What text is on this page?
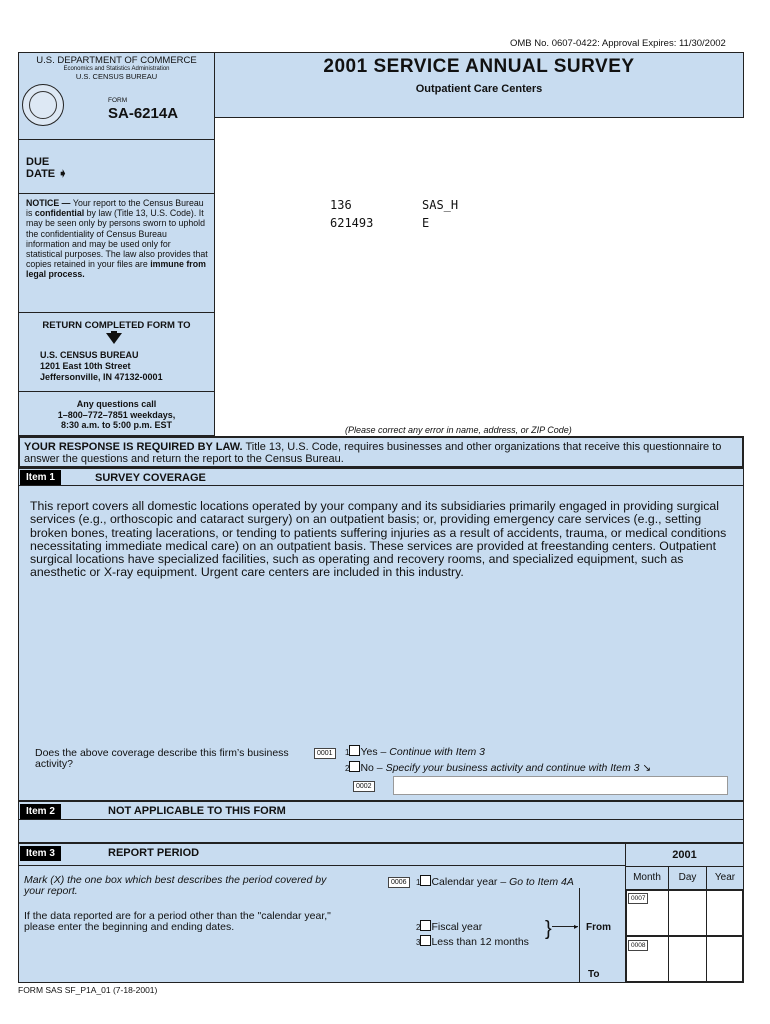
OMB No. 0607-0422: Approval Expires: 11/30/2002
U.S. DEPARTMENT OF COMMERCE
Economics and Statistics Administration
U.S. CENSUS BUREAU
FORM
SA-6214A
2001 SERVICE ANNUAL SURVEY
Outpatient Care Centers
DUE
DATE ➧
NOTICE — Your report to the Census Bureau is confidential by law (Title 13, U.S. Code). It may be seen only by persons sworn to uphold the confidentiality of Census Bureau information and may be used only for statistical purposes. The law also provides that copies retained in your files are immune from legal process.
RETURN COMPLETED FORM TO
U.S. CENSUS BUREAU
1201 East 10th Street
Jeffersonville, IN 47132-0001
Any questions call
1–800–772–7851 weekdays,
8:30 a.m. to 5:00 p.m. EST
136	SAS_H
621493	E
(Please correct any error in name, address, or ZIP Code)
YOUR RESPONSE IS REQUIRED BY LAW. Title 13, U.S. Code, requires businesses and other organizations that receive this questionnaire to answer the questions and return the report to the Census Bureau.
Item 1	SURVEY COVERAGE
This report covers all domestic locations operated by your company and its subsidiaries primarily engaged in providing surgical services (e.g., orthoscopic and cataract surgery) on an outpatient basis; or, providing emergency care services (e.g., setting broken bones, treating lacerations, or tending to patients suffering injuries as a result of accidents, trauma, or medical conditions necessitating immediate medical care) on an outpatient basis. These services are provided at freestanding centers. Outpatient surgical locations have specialized facilities, such as operating and recovery rooms, and specialized equipment, such as anesthetic or X-ray equipment. Urgent care centers are included in this industry.
Does the above coverage describe this firm’s business activity?
0001	1 Yes – Continue with Item 3
2 No – Specify your business activity and continue with Item 3 ↘
0002
Item 2	NOT APPLICABLE TO THIS FORM
Item 3	REPORT PERIOD
Mark (X) the one box which best describes the period covered by your report.
If the data reported are for a period other than the "calendar year," please enter the beginning and ending dates.
0006	1 Calendar year – Go to Item 4A
2 Fiscal year
3 Less than 12 months
}	▸ From
To
2001
Month	Day	Year
0007
0008
FORM SAS SF_P1A_01 (7-18-2001)
